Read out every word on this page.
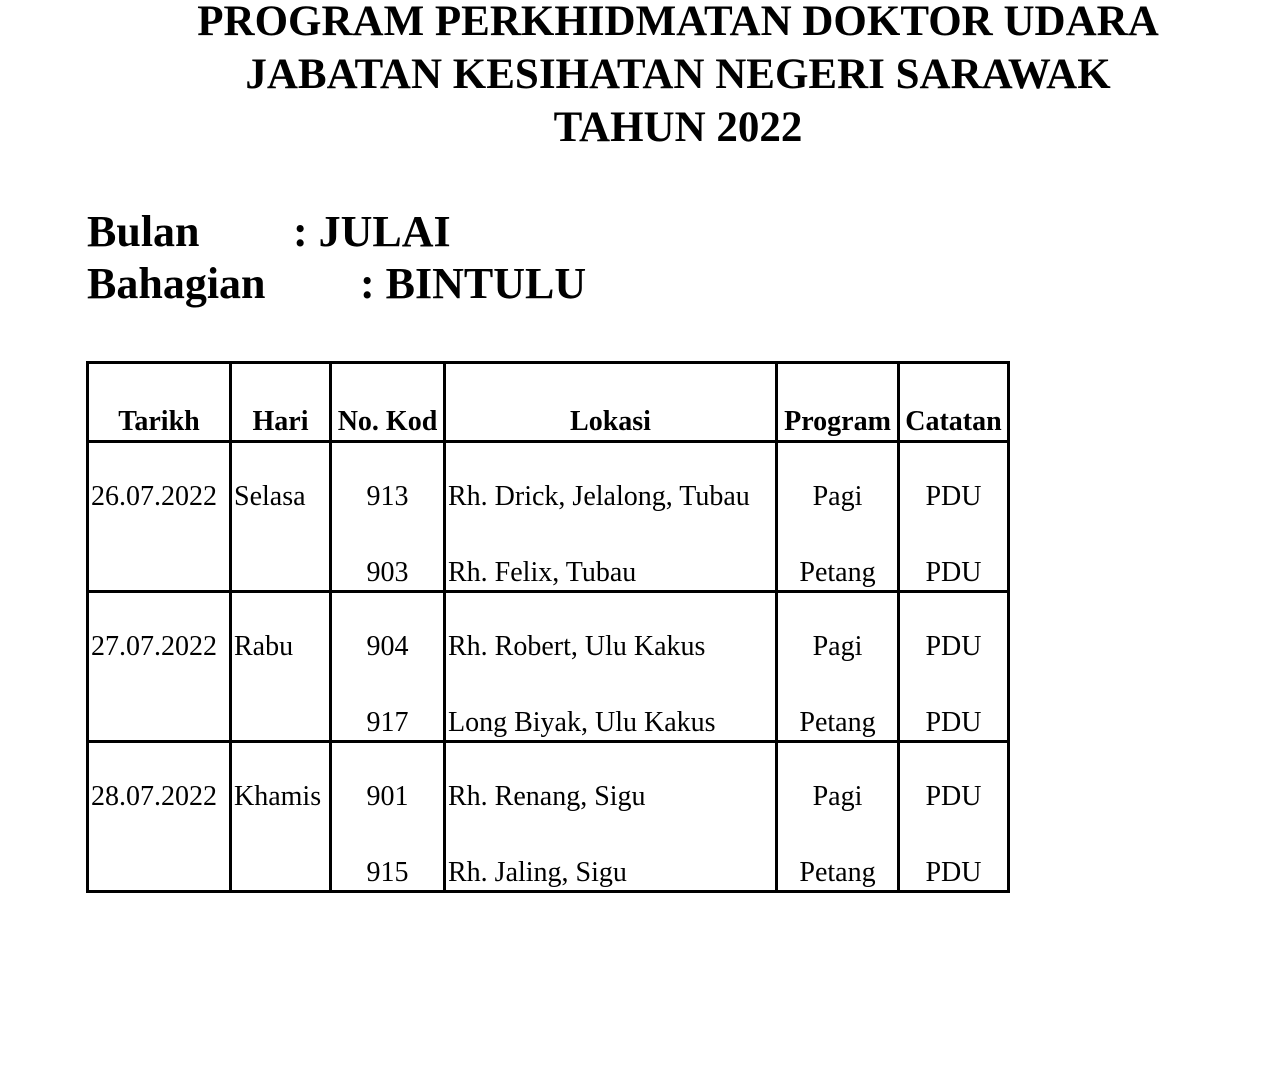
PROGRAM PERKHIDMATAN DOKTOR UDARA
JABATAN KESIHATAN NEGERI SARAWAK
TAHUN 2022
Bulan : JULAI
Bahagian : BINTULU
Tarikh	Hari	No. Kod	Lokasi	Program	Catatan
26.07.2022	Selasa	913	Rh. Drick, Jelalong, Tubau	Pagi	PDU
		903	Rh. Felix, Tubau	Petang	PDU
27.07.2022	Rabu	904	Rh. Robert, Ulu Kakus	Pagi	PDU
		917	Long Biyak, Ulu Kakus	Petang	PDU
28.07.2022	Khamis	901	Rh. Renang, Sigu	Pagi	PDU
		915	Rh. Jaling, Sigu	Petang	PDU
